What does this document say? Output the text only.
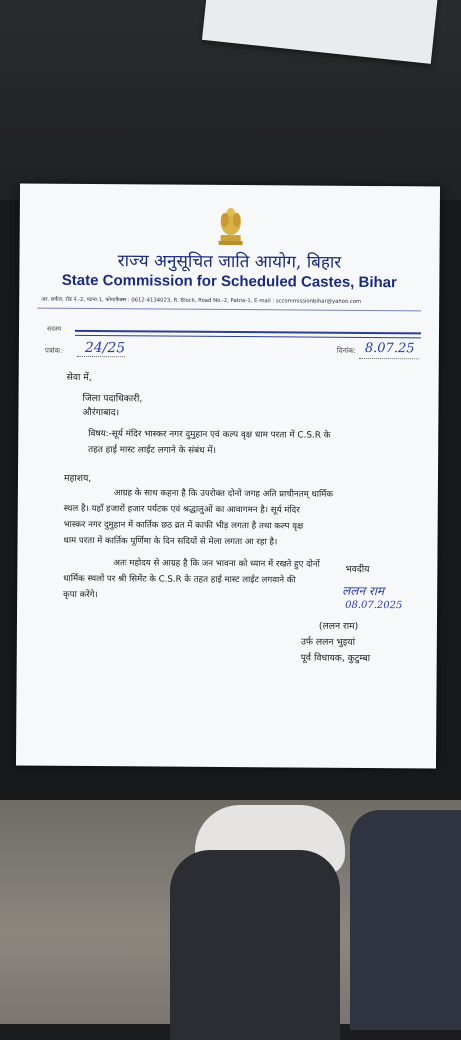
राज्य अनुसूचित जाति आयोग, बिहार
State Commission for Scheduled Castes, Bihar
अर. सर्कल, रोड नं.-2, पटना-1, फोन/फैक्स : 0612-4134023, R. Block, Road No.-2, Patna-1, E-mail : sccommissionbihar@yahoo.com
सदस्य
पत्रांक: 24/25	दिनांक: 8.07.25
सेवा में,
जिला पदाधिकारी,
औरंगाबाद।
विषय:-सूर्य मंदिर भास्कर नगर दुमुहान एवं कल्प वृक्ष धाम परता में C.S.R के
तहत हाई मास्ट लाईट लगाने के संबंध में।
महाशय,
आग्रह के साथ कहना है कि उपरोक्त दोनों जगह अति प्राचीनतम् धार्मिक
स्थल है। यहाँ हजारों हजार पर्यटक एवं श्रद्धालुओं का आवागमन है। सूर्य मंदिर
भास्कर नगर दुमुहान में कार्तिक छठ व्रत में काफी भीड़ लगता है तथा कल्प वृक्ष
धाम परता में कार्तिक पूर्णिमा के दिन सदियों से मेला लगता आ रहा है।
अतः महोदय से आग्रह है कि जन भावना को ध्यान में रखते हुए दोनों
धार्मिक स्थलों पर श्री सिमेंट के C.S.R के तहत हाई मास्ट लाईट लगवाने की
कृपा करेंगे।
भवदीय
ललन राम
08.07.2025
(ललन राम)
उर्फ ललन भुइयां
पूर्व विधायक, कुटुम्बा
